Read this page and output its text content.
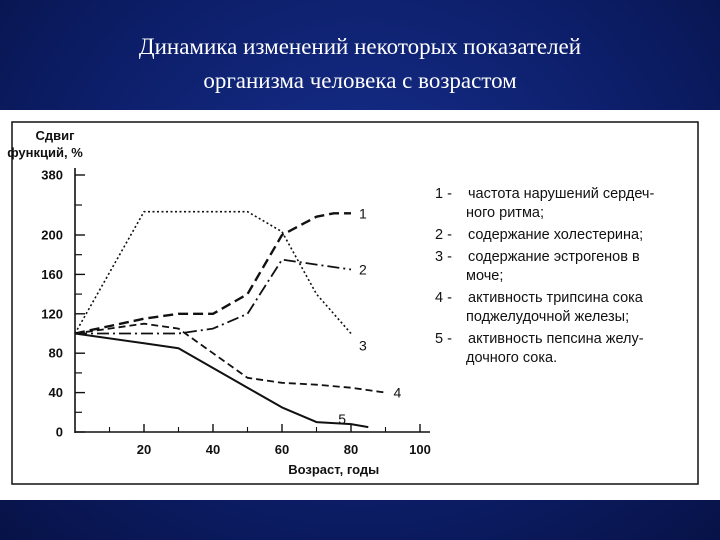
Динамика изменений некоторых показателей
организма человека с возрастом
0
40
80
120
160
200
380
Сдвиг
функций, %
20	40	60	80	100
Возраст, годы
1
2
3
4
5
1 - частота нарушений сердеч-
ного ритма;
2 - содержание холестерина;
3 - содержание эстрогенов в
моче;
4 - активность трипсина сока
поджелудочной железы;
5 - активность пепсина желу-
дочного сока.
